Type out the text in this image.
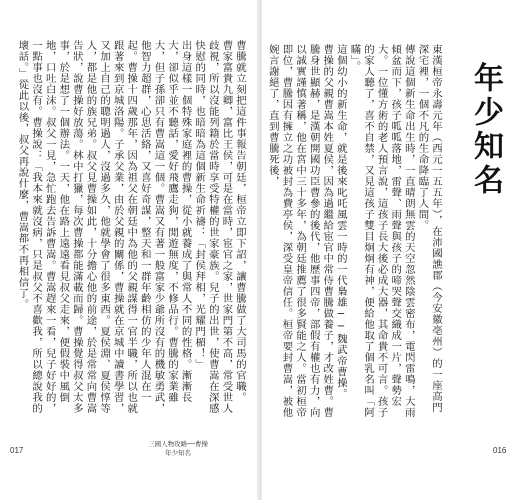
曹騰就立刻把這件事報告朝廷，桓帝立即下詔，讓曹騰做了大司馬的官職。
曹家富貴九卿，富比王侯，可是在當時，宦官之家，世家門第不高，常受世人歧視，所以沒能列籍於當時享受特權的世家豪族。兒子的出世，使曹嵩在深感快慰的同時，也暗暗為這個新生命祈禱：「封侯拜相，光耀門楣！」
出身這樣一個特殊家庭裡的曹操，從小就養成了與常人不同的性格。漸漸長大，卻似乎並不聽話，愛好飛鷹走狗，閒遊無度，不修品行。曹騰的家業雖大，但子孫卻只有曹嵩這一個。曹嵩又有著一般富家少爺所沒有的機敏勇武，他智力超群，心思活絡，又喜好奇謀，整天和一群年齡相仿的少年人混在一起。曹操十四歲那年，因為祖父在朝廷中為他的父親謀得一官半職，所以也就跟著來到京城洛陽。子承父業，由於父親的關係，曹操就在京城中讀書學習，又加上自己的聰明過人，沒過多久，他就學會了很多東西。夏侯淵、夏侯惇等人，都是他的族兄弟。叔父見曹操如此，十分擔心他的前途，於是常常向曹嵩告狀，說曹操好放蕩。林中打獵，每次曹操都能滿載而歸。曹操覺得叔父太多事，於是想了一個辦法。一天，他在路上遠遠看見叔父走來，便假裝中風倒地，口吐白沫。叔父一見，急忙跑去告訴曹嵩。曹嵩趕來一看，兒子好好的，一點事也沒有。曹操說：「我本來就沒病，只是叔父不喜歡我，所以總說我的壞話。」從此以後，叔父再說什麼，曹嵩都不再相信了。
三國人物攻略──曹操
年少知名
017
東漢桓帝永壽元年（西元一五五年），在沛國譙郡（今安徽亳州）的一座高門深宅裡，一個不凡的生命降臨了人間。
傳說這個新生命出生時，一直晴朗無雲的天空忽然陰雲密布，電閃雷鳴，大雨傾盆而下，孩子呱呱落地，雷聲、雨聲與孩子的啼哭聲交織成一片，聲勢宏大。一位懂方術的老人預言說，這孩子長大後必成大器，其命貴不可言。孩子的家人聽了，喜不自禁，又見這孩子雙目炯炯有神，便給他取了個乳名叫「阿瞞」。
這個幼小的新生命，就是後來叱吒風雲一時的一代梟雄──魏武帝曹操。
曹操的父親曹嵩本姓夏侯，因為過繼給宦官中常侍曹騰做養子，才改姓曹。曹騰身世顯赫，是漢朝開國功臣曹參的後代，他歷事四帝，部假有權也有力，向以誠實謹慎著稱，他在宮中三十多年，為朝廷推薦了很多賢能之人。當初桓帝即位，曹騰因有擁立之功被封為費亭侯，深受皇帝信任。桓帝要封曹嵩，被他婉言謝絕了，直到曹騰死後，	年少知名
016
